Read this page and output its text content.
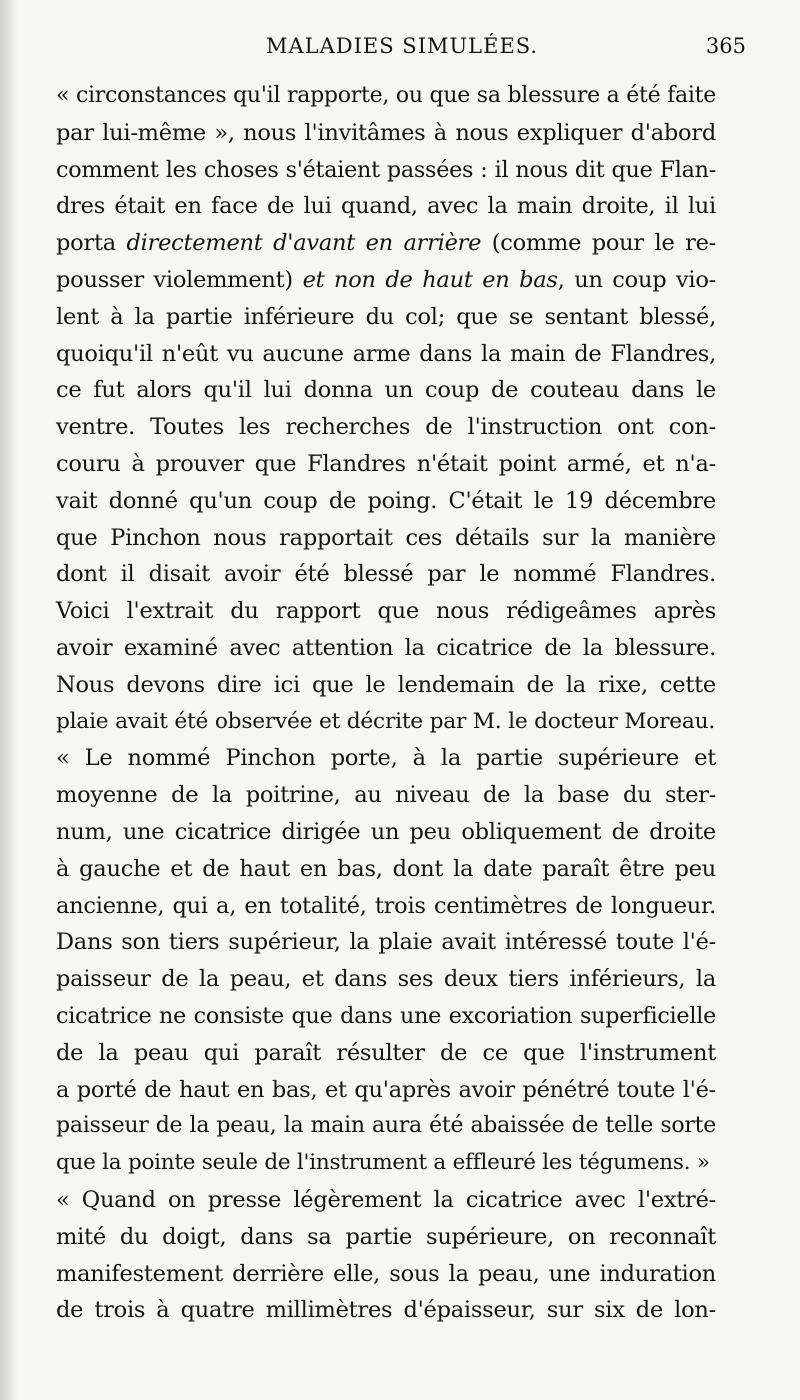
MALADIES SIMULÉES.	365
« circonstances qu'il rapporte, ou que sa blessure a été faite
par lui-même », nous l'invitâmes à nous expliquer d'abord
comment les choses s'étaient passées : il nous dit que Flan-
dres était en face de lui quand, avec la main droite, il lui
porta directement d'avant en arrière (comme pour le re-
pousser violemment) et non de haut en bas, un coup vio-
lent à la partie inférieure du col; que se sentant blessé,
quoiqu'il n'eût vu aucune arme dans la main de Flandres,
ce fut alors qu'il lui donna un coup de couteau dans le
ventre. Toutes les recherches de l'instruction ont con-
couru à prouver que Flandres n'était point armé, et n'a-
vait donné qu'un coup de poing. C'était le 19 décembre
que Pinchon nous rapportait ces détails sur la manière
dont il disait avoir été blessé par le nommé Flandres.
Voici l'extrait du rapport que nous rédigeâmes après
avoir examiné avec attention la cicatrice de la blessure.
Nous devons dire ici que le lendemain de la rixe, cette
plaie avait été observée et décrite par M. le docteur Moreau.
« Le nommé Pinchon porte, à la partie supérieure et
moyenne de la poitrine, au niveau de la base du ster-
num, une cicatrice dirigée un peu obliquement de droite
à gauche et de haut en bas, dont la date paraît être peu
ancienne, qui a, en totalité, trois centimètres de longueur.
Dans son tiers supérieur, la plaie avait intéressé toute l'é-
paisseur de la peau, et dans ses deux tiers inférieurs, la
cicatrice ne consiste que dans une excoriation superficielle
de la peau qui paraît résulter de ce que l'instrument
a porté de haut en bas, et qu'après avoir pénétré toute l'é-
paisseur de la peau, la main aura été abaissée de telle sorte
que la pointe seule de l'instrument a effleuré les tégumens. »
« Quand on presse légèrement la cicatrice avec l'extré-
mité du doigt, dans sa partie supérieure, on reconnaît
manifestement derrière elle, sous la peau, une induration
de trois à quatre millimètres d'épaisseur, sur six de lon-
